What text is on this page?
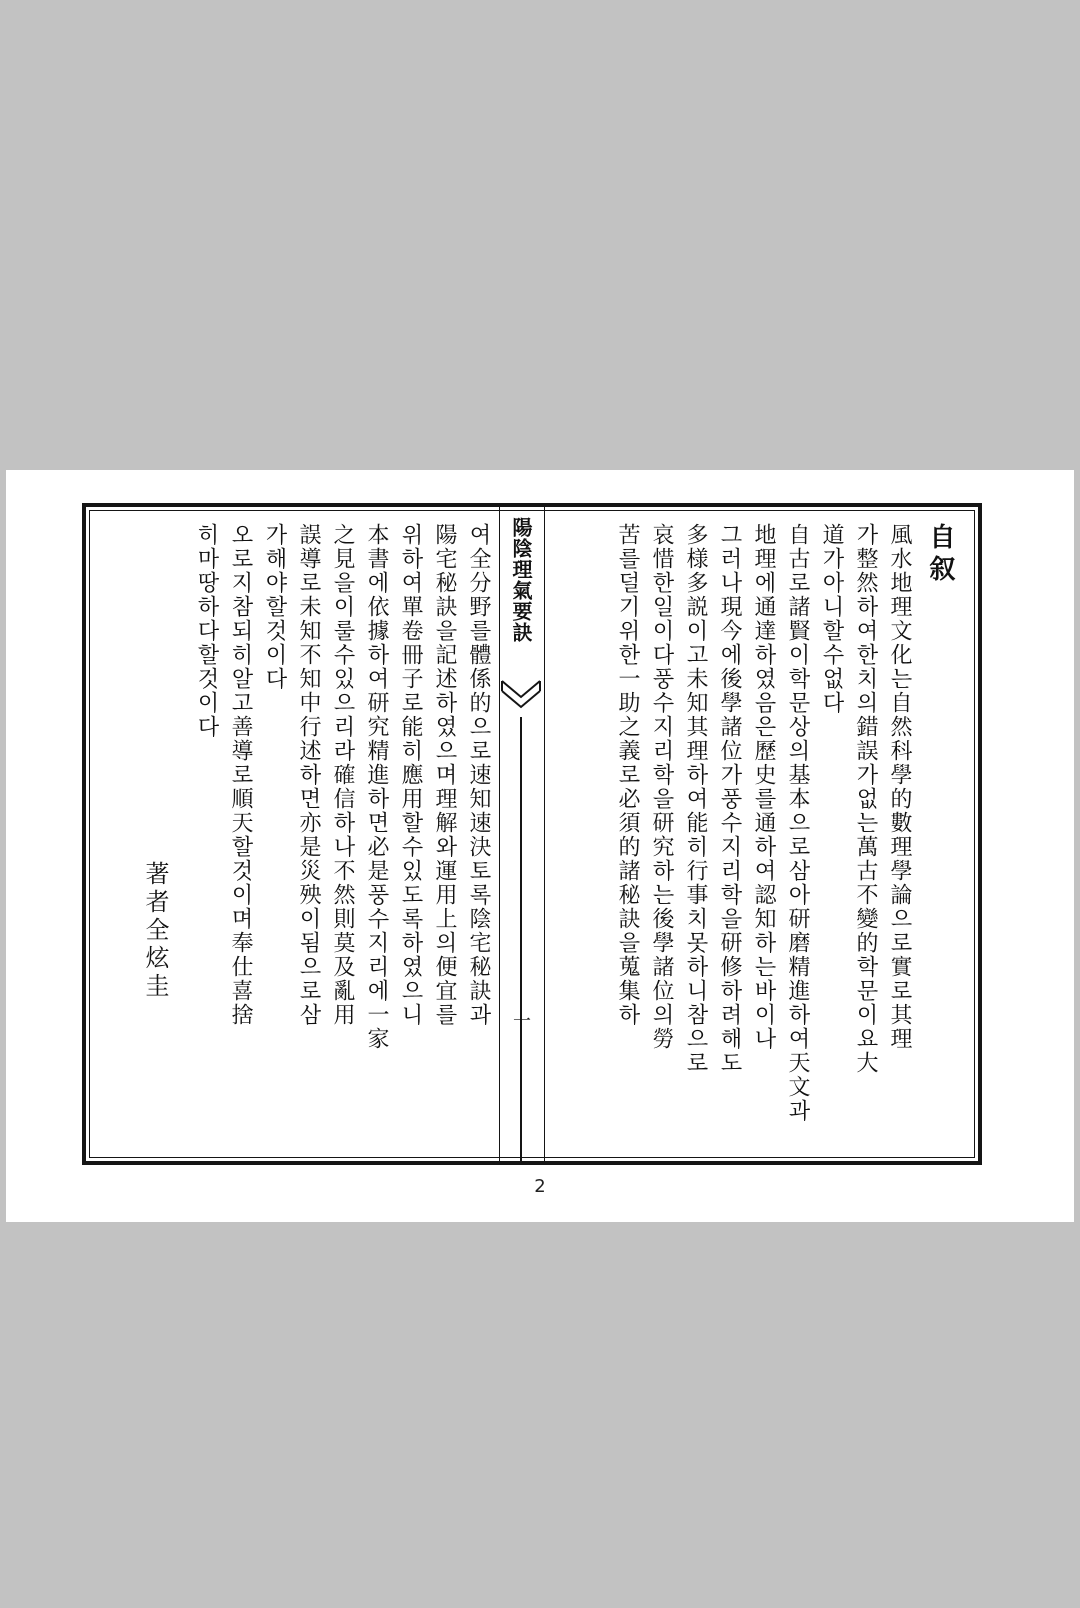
自叙
風水地理文化는自然科學的數理學論으로實로其理
가整然하여한치의錯誤가없는萬古不變的학문이요大
道가아니할수없다
自古로諸賢이학문상의基本으로삼아研磨精進하여天文과
地理에通達하였음은歷史를通하여認知하는바이나
그러나現今에後學諸位가풍수지리학을研修하려해도
多様多説이고未知其理하여能히行事치못하니참으로
哀惜한일이다풍수지리학을研究하는後學諸位의勞
苦를덜기위한一助之義로必須的諸秘訣을蒐集하
陽陰理氣要訣
一
여全分野를體係的으로速知速決토록陰宅秘訣과
陽宅秘訣을記述하였으며理解와運用上의便宜를
위하여單卷冊子로能히應用할수있도록하였으니
本書에依據하여研究精進하면必是풍수지리에一家
之見을이룰수있으리라確信하나不然則莫及亂用
誤導로未知不知中行述하면亦是災殃이됨으로삼
가해야할것이다
오로지참되히알고善導로順天할것이며奉仕喜捨
히마땅하다할것이다
著者全炫圭
2
